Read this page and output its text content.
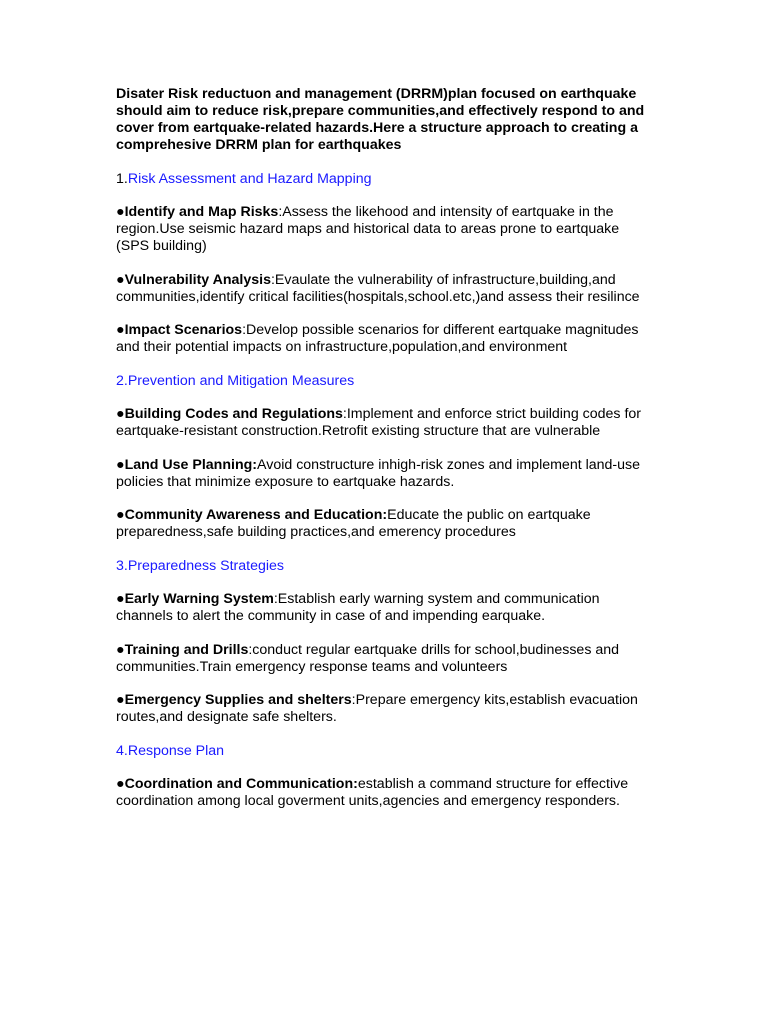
Disater Risk reductuon and management (DRRM)plan focused on earthquake should aim to reduce risk,prepare communities,and effectively respond to and cover from eartquake-related hazards.Here a structure approach to creating a comprehesive DRRM plan for earthquakes

1.Risk Assessment and Hazard Mapping

●Identify and Map Risks:Assess the likehood and intensity of eartquake in the region.Use seismic hazard maps and historical data to areas prone to eartquake (SPS building)

●Vulnerability Analysis:Evaulate the vulnerability of infrastructure,building,and communities,identify critical facilities(hospitals,school.etc,)and assess their resilince

●Impact Scenarios:Develop possible scenarios for different eartquake magnitudes and their potential impacts on infrastructure,population,and environment

2.Prevention and Mitigation Measures

●Building Codes and Regulations:Implement and enforce strict building codes for eartquake-resistant construction.Retrofit existing structure that are vulnerable

●Land Use Planning:Avoid constructure inhigh-risk zones and implement land-use policies that minimize exposure to eartquake hazards.

●Community Awareness and Education:Educate the public on eartquake preparedness,safe building practices,and emerency procedures

3.Preparedness Strategies

●Early Warning System:Establish early warning system and communication channels to alert the community in case of and impending earquake.

●Training and Drills:conduct regular eartquake drills for school,budinesses and communities.Train emergency response teams and volunteers

●Emergency Supplies and shelters:Prepare emergency kits,establish evacuation routes,and designate safe shelters.

4.Response Plan

●Coordination and Communication:establish a command structure for effective coordination among local goverment units,agencies and emergency responders.
